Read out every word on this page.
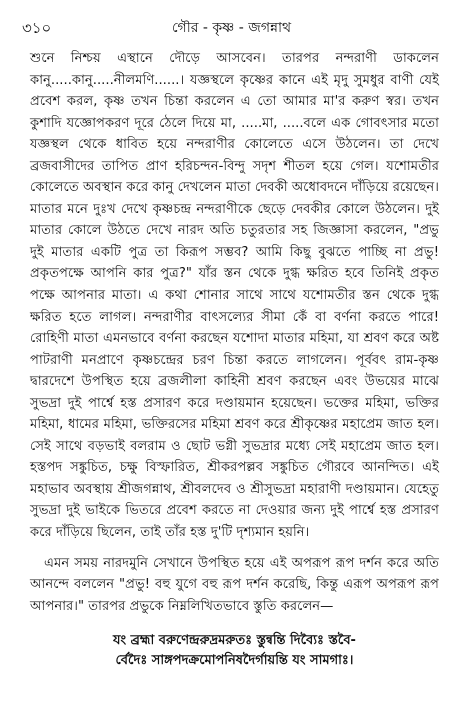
৩১০	গৌর - কৃষ্ণ - জগন্নাথ

শুনে নিশ্চয় এস্থানে দৌড়ে আসবেন। তারপর নন্দরাণী ডাকলেন কানু.....কানু.....নীলমণি......। যজ্ঞস্থলে কৃষ্ণের কানে এই মৃদু সুমধুর বাণী যেই প্রবেশ করল, কৃষ্ণ তখন চিন্তা করলেন এ তো আমার মা'র করুণ স্বর। তখন কুশাদি যজ্ঞোপকরণ দূরে ঠেলে দিয়ে মা, .....মা, .....বলে এক গোবৎসার মতো যজ্ঞস্থল থেকে ধাবিত হয়ে নন্দরাণীর কোলেতে এসে উঠলেন। তা দেখে ব্রজবাসীদের তাপিত প্রাণ হরিচন্দন-বিন্দু সদৃশ শীতল হয়ে গেল। যশোমতীর কোলেতে অবস্থান করে কানু দেখলেন মাতা দেবকী অধোবদনে দাঁড়িয়ে রয়েছেন। মাতার মনে দুঃখ দেখে কৃষ্ণচন্দ্র নন্দরাণীকে ছেড়ে দেবকীর কোলে উঠলেন। দুই মাতার কোলে উঠতে দেখে নারদ অতি চতুরতার সহ জিজ্ঞাসা করলেন, "প্রভু দুই মাতার একটি পুত্র তা কিরূপ সম্ভব? আমি কিছু বুঝতে পাচ্ছি না প্রভু! প্রকৃতপক্ষে আপনি কার পুত্র?" যাঁর স্তন থেকে দুগ্ধ ক্ষরিত হবে তিনিই প্রকৃত পক্ষে আপনার মাতা। এ কথা শোনার সাথে সাথে যশোমতীর স্তন থেকে দুগ্ধ ক্ষরিত হতে লাগল। নন্দরাণীর বাৎসল্যের সীমা কেঁ বা বর্ণনা করতে পারে! রোহিণী মাতা এমনভাবে বর্ণনা করছেন যশোদা মাতার মহিমা, যা শ্রবণ করে অষ্ট পাটরাণী মনপ্রাণে কৃষ্ণচন্দ্রের চরণ চিন্তা করতে লাগলেন। পূর্ববৎ রাম-কৃষ্ণ দ্বারদেশে উপস্থিত হয়ে ব্রজলীলা কাহিনী শ্রবণ করছেন এবং উভয়ের মাঝে সুভদ্রা দুই পার্শ্বে হস্ত প্রসারণ করে দণ্ডায়মান হয়েছেন। ভক্তের মহিমা, ভক্তির মহিমা, ধামের মহিমা, ভক্তিরসের মহিমা শ্রবণ করে শ্রীকৃষ্ণের মহাপ্রেম জাত হল। সেই সাথে বড়ভাই বলরাম ও ছোট ভগ্নী সুভদ্রার মধ্যে সেই মহাপ্রেম জাত হল। হস্তপদ সঙ্কুচিত, চক্ষু বিস্ফারিত, শ্রীকরপল্লব সঙ্কুচিত গৌরবে আনন্দিত। এই মহাভাব অবস্থায় শ্রীজগন্নাথ, শ্রীবলদেব ও শ্রীসুভদ্রা মহারাণী দণ্ডায়মান। যেহেতু সুভদ্রা দুই ভাইকে ভিতরে প্রবেশ করতে না দেওয়ার জন্য দুই পার্শ্বে হস্ত প্রসারণ করে দাঁড়িয়ে ছিলেন, তাই তাঁর হস্ত দু'টি দৃশ্যমান হয়নি।

এমন সময় নারদমুনি সেখানে উপস্থিত হয়ে এই অপরূপ রূপ দর্শন করে অতি আনন্দে বললেন "প্রভু! বহু যুগে বহু রূপ দর্শন করেছি, কিন্তু এরূপ অপরূপ রূপ আপনার।" তারপর প্রভুকে নিম্নলিখিতভাবে স্তুতি করলেন—

যং ব্রহ্মা বরুণেন্দ্ররুদ্রমরুতঃ স্তুন্বন্তি দিব্যৈঃ স্তবৈ-
র্বেদৈঃ সাঙ্গপদক্রমোপনিষদৈর্গায়ন্তি যং সামগাঃ।
